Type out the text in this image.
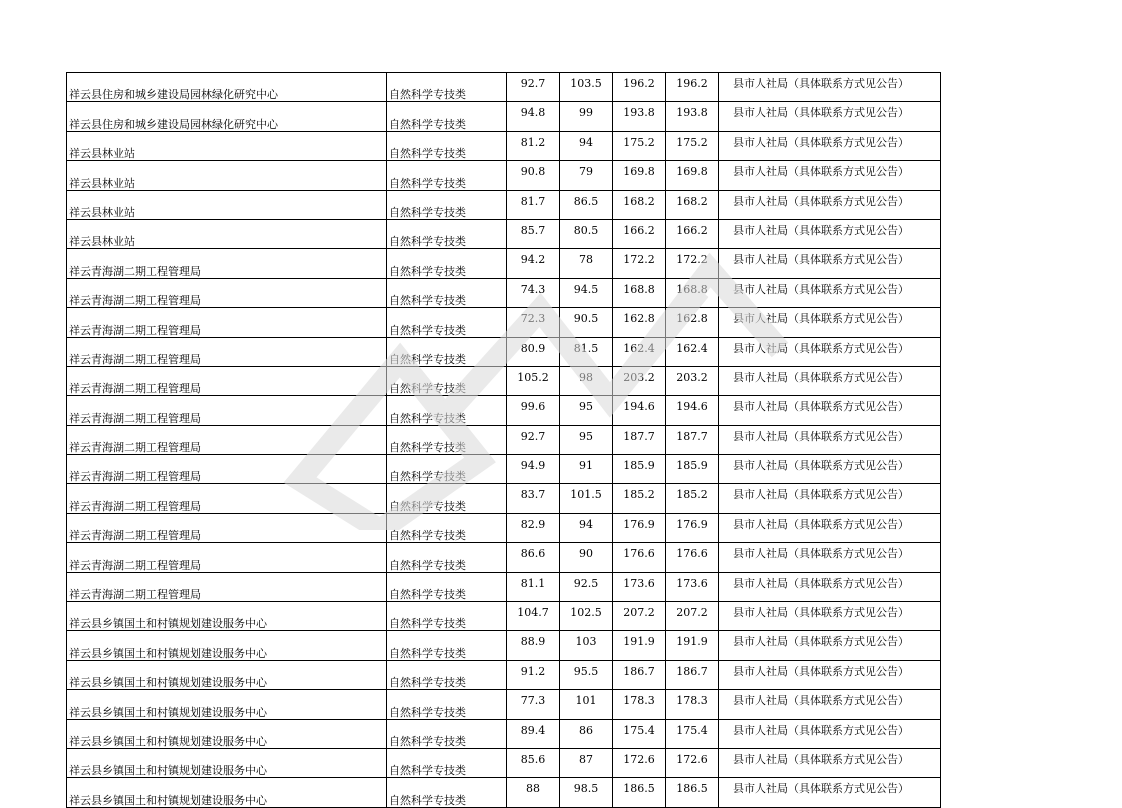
祥云县住房和城乡建设局园林绿化研究中心	自然科学专技类	92.7	103.5	196.2	196.2	县市人社局（具体联系方式见公告）
祥云县住房和城乡建设局园林绿化研究中心	自然科学专技类	94.8	99	193.8	193.8	县市人社局（具体联系方式见公告）
祥云县林业站	自然科学专技类	81.2	94	175.2	175.2	县市人社局（具体联系方式见公告）
祥云县林业站	自然科学专技类	90.8	79	169.8	169.8	县市人社局（具体联系方式见公告）
祥云县林业站	自然科学专技类	81.7	86.5	168.2	168.2	县市人社局（具体联系方式见公告）
祥云县林业站	自然科学专技类	85.7	80.5	166.2	166.2	县市人社局（具体联系方式见公告）
祥云青海湖二期工程管理局	自然科学专技类	94.2	78	172.2	172.2	县市人社局（具体联系方式见公告）
祥云青海湖二期工程管理局	自然科学专技类	74.3	94.5	168.8	168.8	县市人社局（具体联系方式见公告）
祥云青海湖二期工程管理局	自然科学专技类	72.3	90.5	162.8	162.8	县市人社局（具体联系方式见公告）
祥云青海湖二期工程管理局	自然科学专技类	80.9	81.5	162.4	162.4	县市人社局（具体联系方式见公告）
祥云青海湖二期工程管理局	自然科学专技类	105.2	98	203.2	203.2	县市人社局（具体联系方式见公告）
祥云青海湖二期工程管理局	自然科学专技类	99.6	95	194.6	194.6	县市人社局（具体联系方式见公告）
祥云青海湖二期工程管理局	自然科学专技类	92.7	95	187.7	187.7	县市人社局（具体联系方式见公告）
祥云青海湖二期工程管理局	自然科学专技类	94.9	91	185.9	185.9	县市人社局（具体联系方式见公告）
祥云青海湖二期工程管理局	自然科学专技类	83.7	101.5	185.2	185.2	县市人社局（具体联系方式见公告）
祥云青海湖二期工程管理局	自然科学专技类	82.9	94	176.9	176.9	县市人社局（具体联系方式见公告）
祥云青海湖二期工程管理局	自然科学专技类	86.6	90	176.6	176.6	县市人社局（具体联系方式见公告）
祥云青海湖二期工程管理局	自然科学专技类	81.1	92.5	173.6	173.6	县市人社局（具体联系方式见公告）
祥云县乡镇国土和村镇规划建设服务中心	自然科学专技类	104.7	102.5	207.2	207.2	县市人社局（具体联系方式见公告）
祥云县乡镇国土和村镇规划建设服务中心	自然科学专技类	88.9	103	191.9	191.9	县市人社局（具体联系方式见公告）
祥云县乡镇国土和村镇规划建设服务中心	自然科学专技类	91.2	95.5	186.7	186.7	县市人社局（具体联系方式见公告）
祥云县乡镇国土和村镇规划建设服务中心	自然科学专技类	77.3	101	178.3	178.3	县市人社局（具体联系方式见公告）
祥云县乡镇国土和村镇规划建设服务中心	自然科学专技类	89.4	86	175.4	175.4	县市人社局（具体联系方式见公告）
祥云县乡镇国土和村镇规划建设服务中心	自然科学专技类	85.6	87	172.6	172.6	县市人社局（具体联系方式见公告）
祥云县乡镇国土和村镇规划建设服务中心	自然科学专技类	88	98.5	186.5	186.5	县市人社局（具体联系方式见公告）
